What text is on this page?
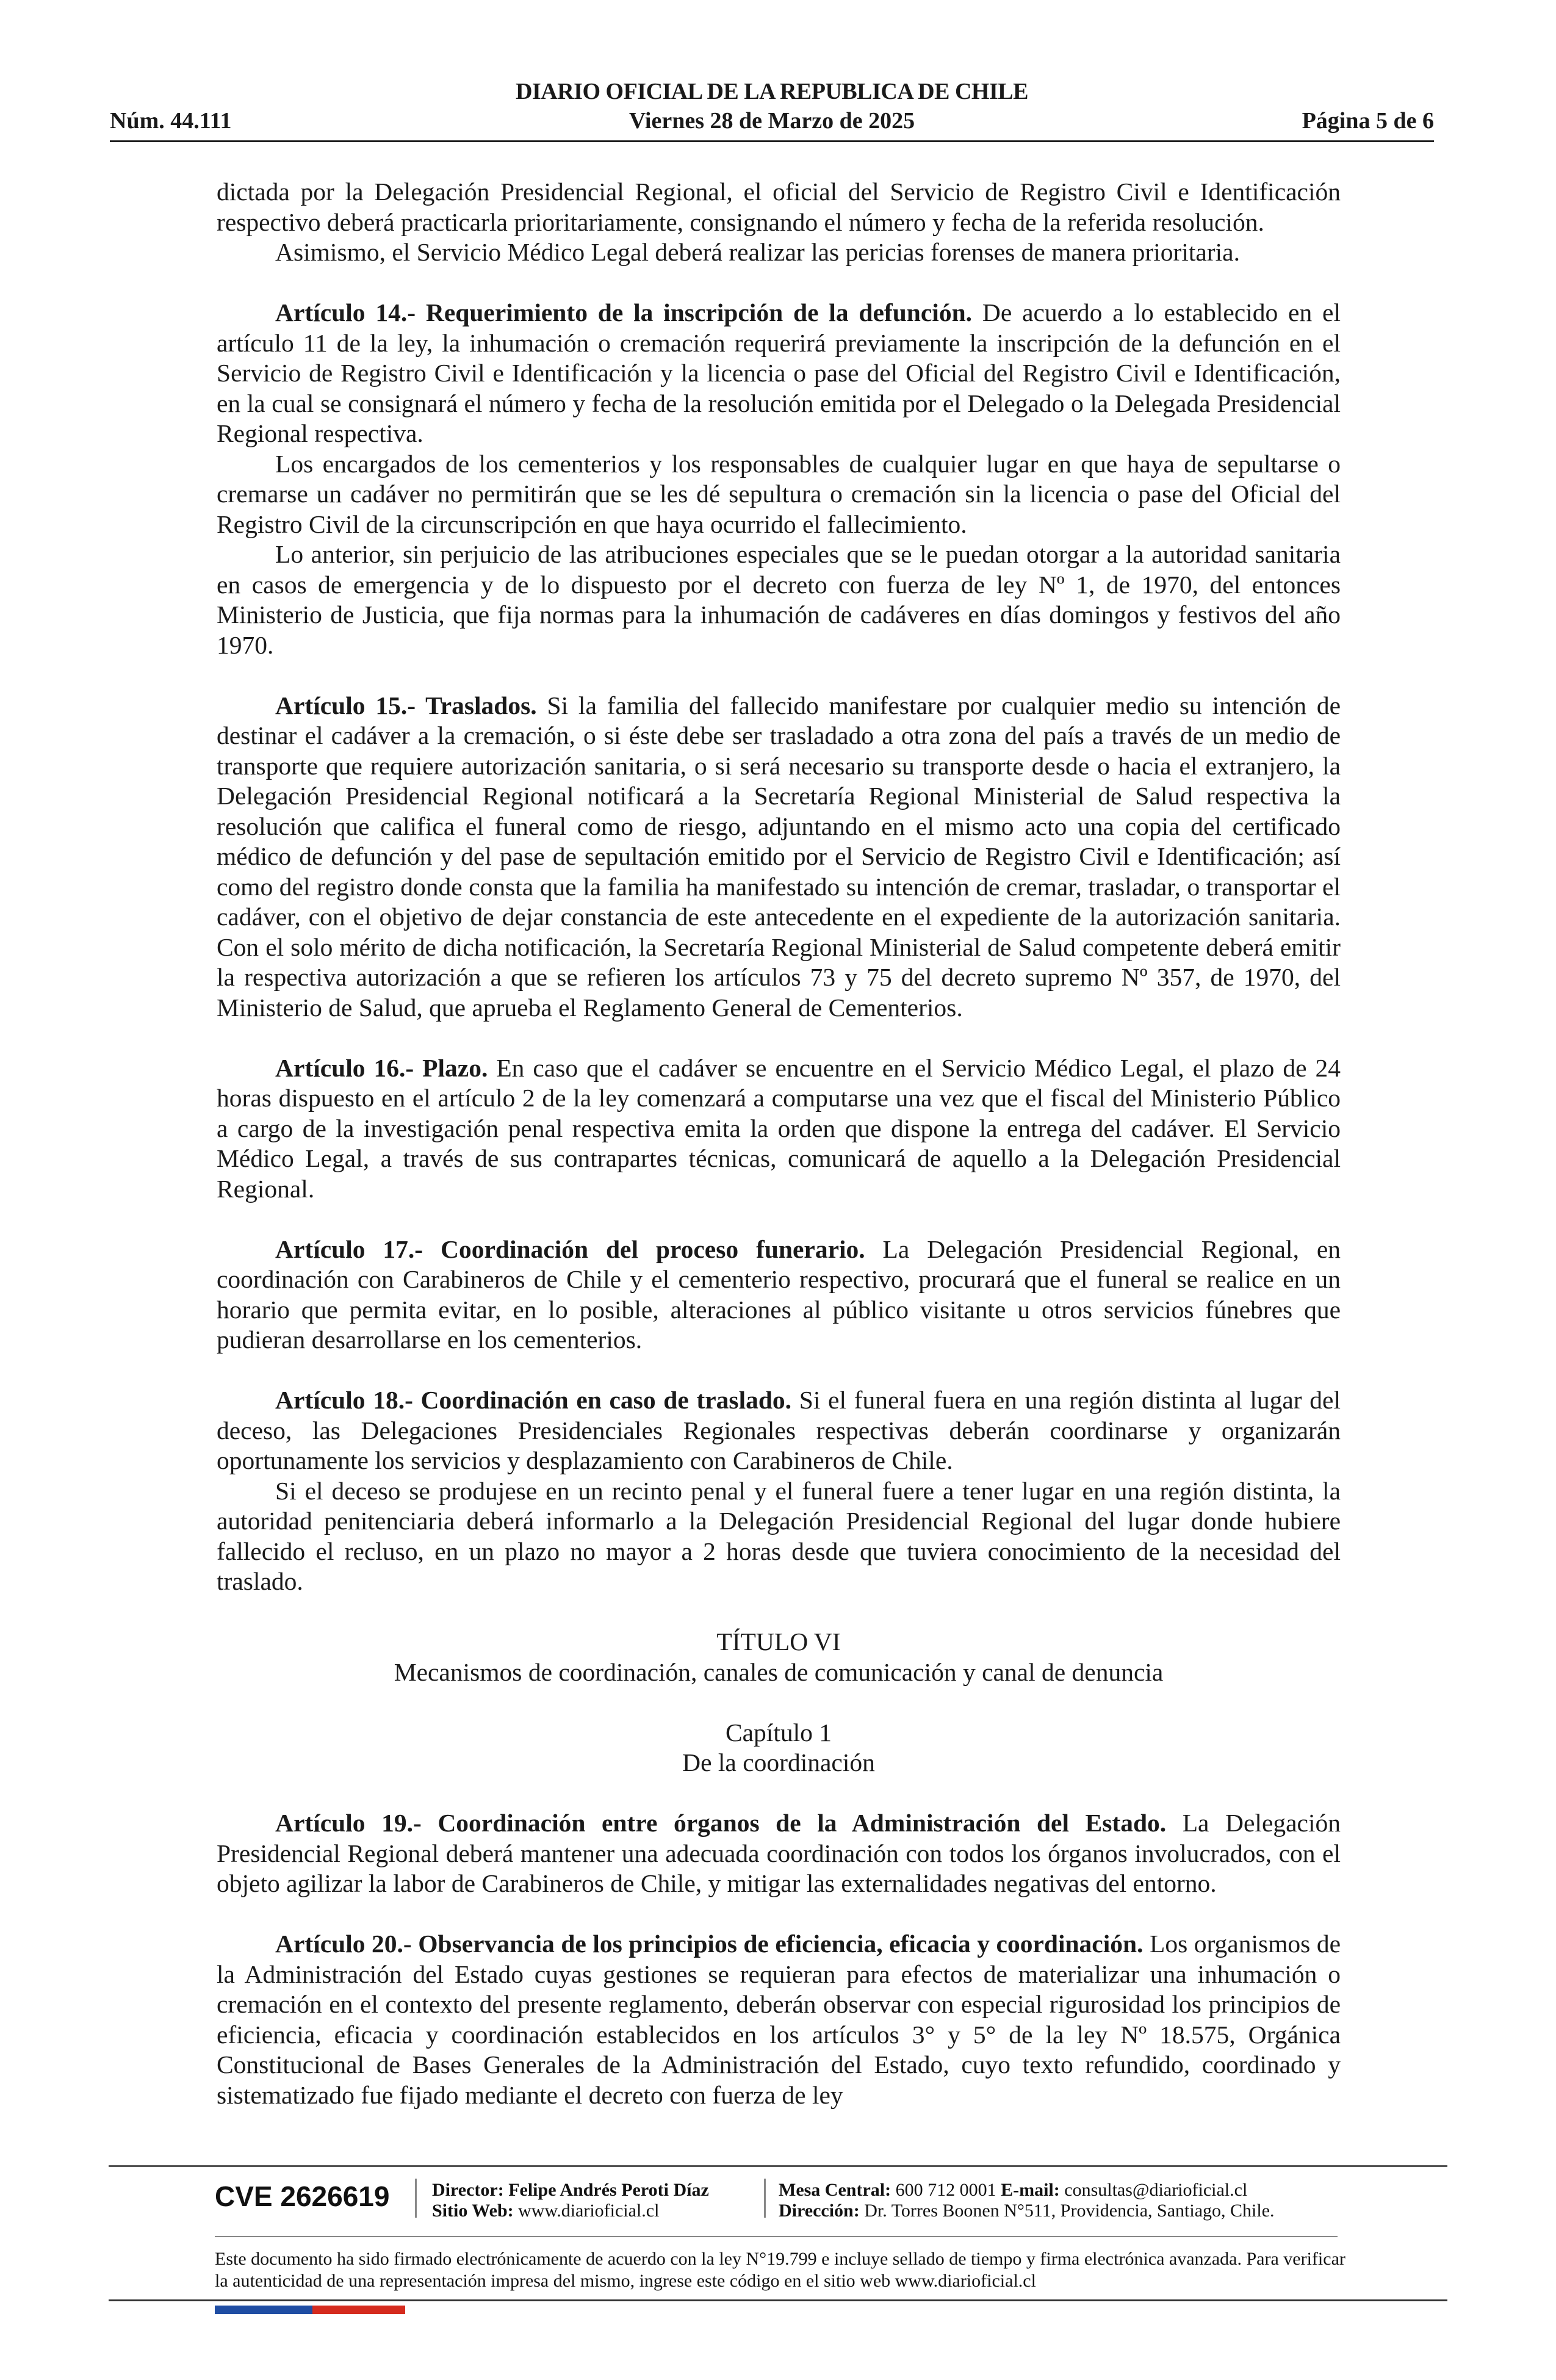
DIARIO OFICIAL DE LA REPUBLICA DE CHILE
Viernes 28 de Marzo de 2025
Núm. 44.111	Página 5 de 6

dictada por la Delegación Presidencial Regional, el oficial del Servicio de Registro Civil e Identificación respectivo deberá practicarla prioritariamente, consignando el número y fecha de la referida resolución.

Asimismo, el Servicio Médico Legal deberá realizar las pericias forenses de manera prioritaria.

Artículo 14.- Requerimiento de la inscripción de la defunción. De acuerdo a lo establecido en el artículo 11 de la ley, la inhumación o cremación requerirá previamente la inscripción de la defunción en el Servicio de Registro Civil e Identificación y la licencia o pase del Oficial del Registro Civil e Identificación, en la cual se consignará el número y fecha de la resolución emitida por el Delegado o la Delegada Presidencial Regional respectiva.

Los encargados de los cementerios y los responsables de cualquier lugar en que haya de sepultarse o cremarse un cadáver no permitirán que se les dé sepultura o cremación sin la licencia o pase del Oficial del Registro Civil de la circunscripción en que haya ocurrido el fallecimiento.

Lo anterior, sin perjuicio de las atribuciones especiales que se le puedan otorgar a la autoridad sanitaria en casos de emergencia y de lo dispuesto por el decreto con fuerza de ley Nº 1, de 1970, del entonces Ministerio de Justicia, que fija normas para la inhumación de cadáveres en días domingos y festivos del año 1970.

Artículo 15.- Traslados. Si la familia del fallecido manifestare por cualquier medio su intención de destinar el cadáver a la cremación, o si éste debe ser trasladado a otra zona del país a través de un medio de transporte que requiere autorización sanitaria, o si será necesario su transporte desde o hacia el extranjero, la Delegación Presidencial Regional notificará a la Secretaría Regional Ministerial de Salud respectiva la resolución que califica el funeral como de riesgo, adjuntando en el mismo acto una copia del certificado médico de defunción y del pase de sepultación emitido por el Servicio de Registro Civil e Identificación; así como del registro donde consta que la familia ha manifestado su intención de cremar, trasladar, o transportar el cadáver, con el objetivo de dejar constancia de este antecedente en el expediente de la autorización sanitaria. Con el solo mérito de dicha notificación, la Secretaría Regional Ministerial de Salud competente deberá emitir la respectiva autorización a que se refieren los artículos 73 y 75 del decreto supremo Nº 357, de 1970, del Ministerio de Salud, que aprueba el Reglamento General de Cementerios.

Artículo 16.- Plazo. En caso que el cadáver se encuentre en el Servicio Médico Legal, el plazo de 24 horas dispuesto en el artículo 2 de la ley comenzará a computarse una vez que el fiscal del Ministerio Público a cargo de la investigación penal respectiva emita la orden que dispone la entrega del cadáver. El Servicio Médico Legal, a través de sus contrapartes técnicas, comunicará de aquello a la Delegación Presidencial Regional.

Artículo 17.- Coordinación del proceso funerario. La Delegación Presidencial Regional, en coordinación con Carabineros de Chile y el cementerio respectivo, procurará que el funeral se realice en un horario que permita evitar, en lo posible, alteraciones al público visitante u otros servicios fúnebres que pudieran desarrollarse en los cementerios.

Artículo 18.- Coordinación en caso de traslado. Si el funeral fuera en una región distinta al lugar del deceso, las Delegaciones Presidenciales Regionales respectivas deberán coordinarse y organizarán oportunamente los servicios y desplazamiento con Carabineros de Chile.

Si el deceso se produjese en un recinto penal y el funeral fuere a tener lugar en una región distinta, la autoridad penitenciaria deberá informarlo a la Delegación Presidencial Regional del lugar donde hubiere fallecido el recluso, en un plazo no mayor a 2 horas desde que tuviera conocimiento de la necesidad del traslado.

TÍTULO VI

Mecanismos de coordinación, canales de comunicación y canal de denuncia

Capítulo 1

De la coordinación

Artículo 19.- Coordinación entre órganos de la Administración del Estado. La Delegación Presidencial Regional deberá mantener una adecuada coordinación con todos los órganos involucrados, con el objeto agilizar la labor de Carabineros de Chile, y mitigar las externalidades negativas del entorno.

Artículo 20.- Observancia de los principios de eficiencia, eficacia y coordinación. Los organismos de la Administración del Estado cuyas gestiones se requieran para efectos de materializar una inhumación o cremación en el contexto del presente reglamento, deberán observar con especial rigurosidad los principios de eficiencia, eficacia y coordinación establecidos en los artículos 3° y 5° de la ley Nº 18.575, Orgánica Constitucional de Bases Generales de la Administración del Estado, cuyo texto refundido, coordinado y sistematizado fue fijado mediante el decreto con fuerza de ley

CVE 2626619 Director: Felipe Andrés Peroti Díaz
Sitio Web: www.diarioficial.cl
Mesa Central: 600 712 0001 E-mail: consultas@diarioficial.cl
Dirección: Dr. Torres Boonen N°511, Providencia, Santiago, Chile.
Este documento ha sido firmado electrónicamente de acuerdo con la ley N°19.799 e incluye sellado de tiempo y firma electrónica avanzada. Para verificar la autenticidad de una representación impresa del mismo, ingrese este código en el sitio web www.diarioficial.cl
